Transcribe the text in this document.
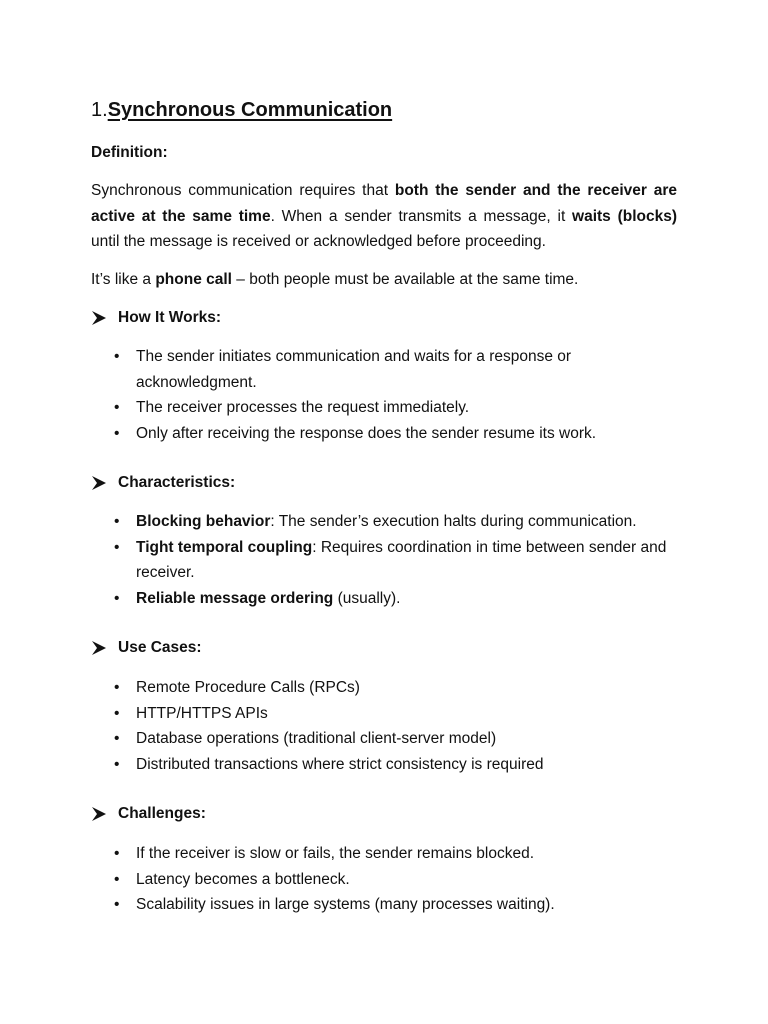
1.Synchronous Communication

Definition:

Synchronous communication requires that both the sender and the receiver are active at the same time. When a sender transmits a message, it waits (blocks) until the message is received or acknowledged before proceeding.

It’s like a phone call – both people must be available at the same time.

How It Works:
• The sender initiates communication and waits for a response or acknowledgment.
• The receiver processes the request immediately.
• Only after receiving the response does the sender resume its work.
Characteristics:
• Blocking behavior: The sender’s execution halts during communication.
• Tight temporal coupling: Requires coordination in time between sender and receiver.
• Reliable message ordering (usually).
Use Cases:
• Remote Procedure Calls (RPCs)
• HTTP/HTTPS APIs
• Database operations (traditional client-server model)
• Distributed transactions where strict consistency is required
Challenges:
• If the receiver is slow or fails, the sender remains blocked.
• Latency becomes a bottleneck.
• Scalability issues in large systems (many processes waiting).
